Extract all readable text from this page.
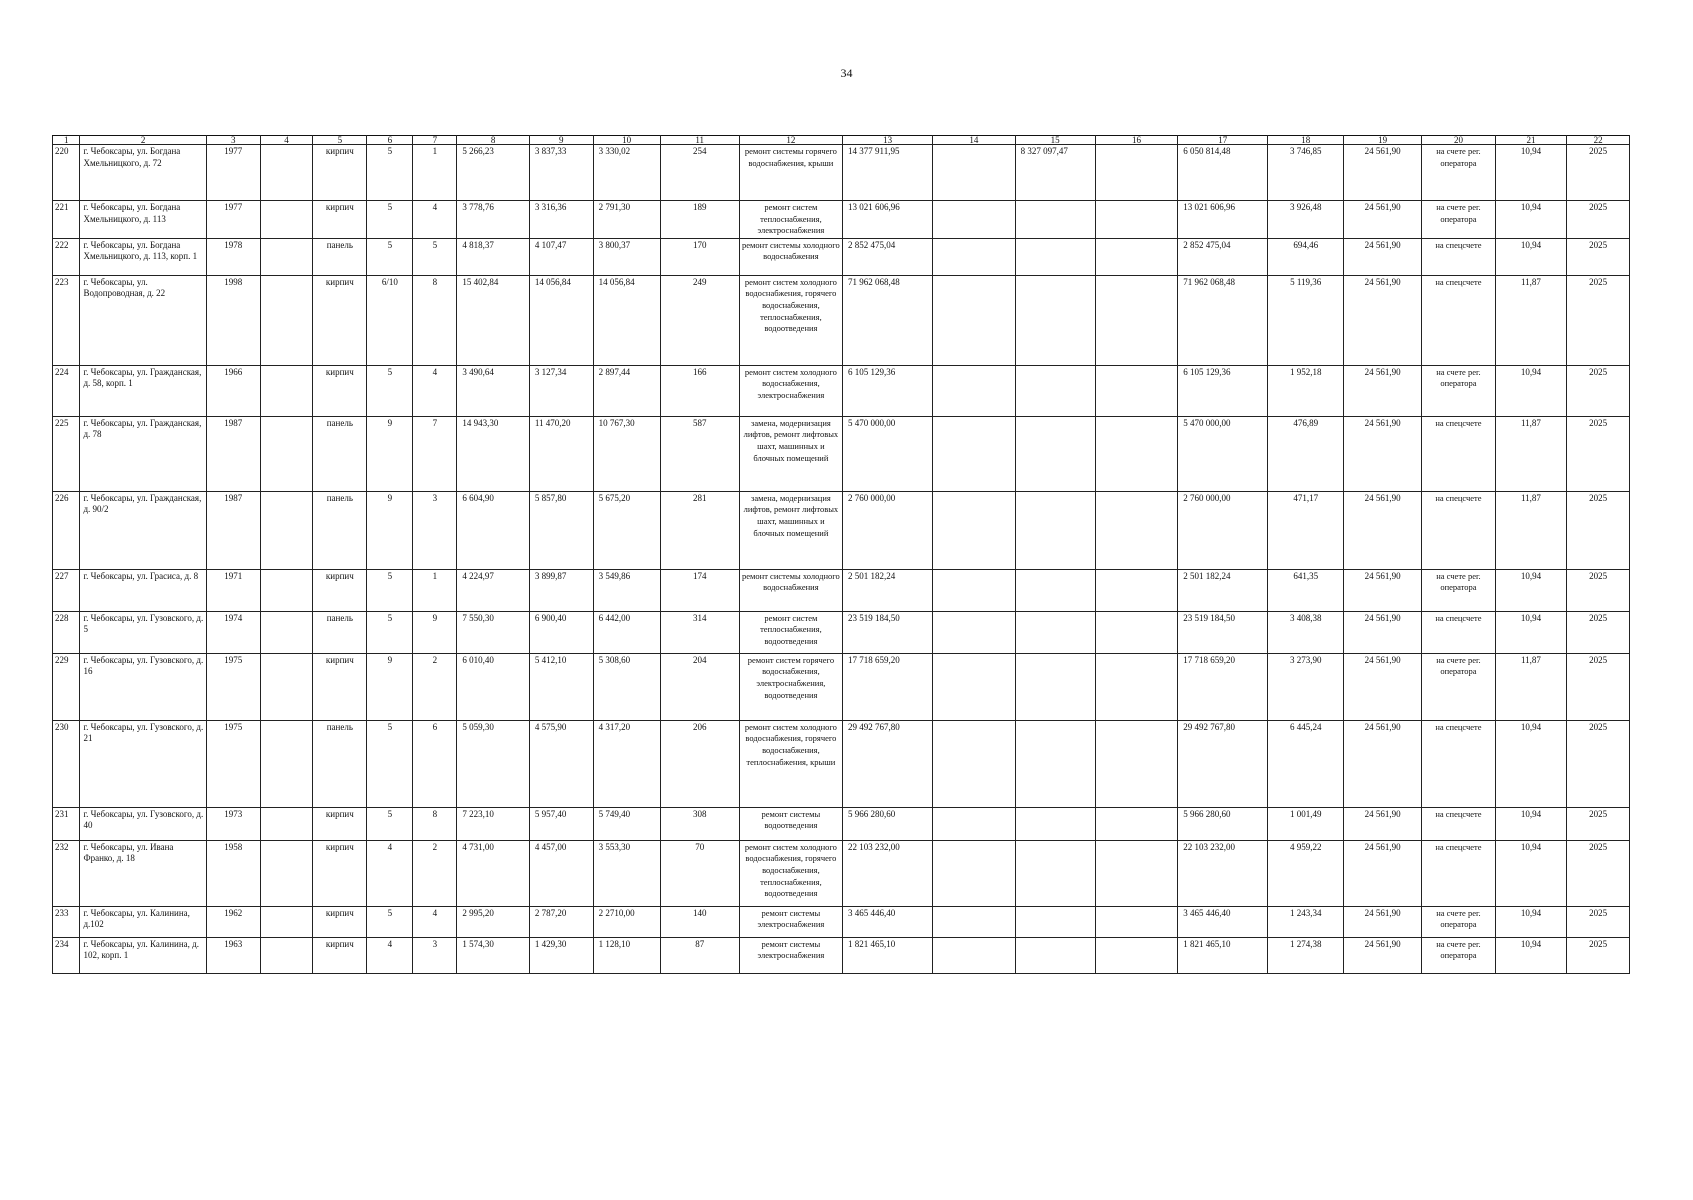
34
1	2	3	4	5	6	7	8	9	10	11	12	13	14	15	16	17	18	19	20	21	22
220	г. Чебоксары, ул. Богдана Хмельницкого, д. 72	1977		кирпич	5	1	5 266,23	3 837,33	3 330,02	254	ремонт системы горячего водоснабжения, крыши	14 377 911,95		8 327 097,47		6 050 814,48	3 746,85	24 561,90	на счете рег. оператора	10,94	2025
221	г. Чебоксары, ул. Богдана Хмельницкого, д. 113	1977		кирпич	5	4	3 778,76	3 316,36	2 791,30	189	ремонт систем теплоснабжения, электроснабжения	13 021 606,96				13 021 606,96	3 926,48	24 561,90	на счете рег. оператора	10,94	2025
222	г. Чебоксары, ул. Богдана Хмельницкого, д. 113, корп. 1	1978		панель	5	5	4 818,37	4 107,47	3 800,37	170	ремонт системы холодного водоснабжения	2 852 475,04				2 852 475,04	694,46	24 561,90	на спецсчете	10,94	2025
223	г. Чебоксары, ул. Водопроводная, д. 22	1998		кирпич	6/10	8	15 402,84	14 056,84	14 056,84	249	ремонт систем холодного водоснабжения, горячего водоснабжения, теплоснабжения, водоотведения	71 962 068,48				71 962 068,48	5 119,36	24 561,90	на спецсчете	11,87	2025
224	г. Чебоксары, ул. Гражданская, д. 58, корп. 1	1966		кирпич	5	4	3 490,64	3 127,34	2 897,44	166	ремонт систем холодного водоснабжения, электроснабжения	6 105 129,36				6 105 129,36	1 952,18	24 561,90	на счете рег. оператора	10,94	2025
225	г. Чебоксары, ул. Гражданская, д. 78	1987		панель	9	7	14 943,30	11 470,20	10 767,30	587	замена, модернизация лифтов, ремонт лифтовых шахт, машинных и блочных помещений	5 470 000,00				5 470 000,00	476,89	24 561,90	на спецсчете	11,87	2025
226	г. Чебоксары, ул. Гражданская, д. 90/2	1987		панель	9	3	6 604,90	5 857,80	5 675,20	281	замена, модернизация лифтов, ремонт лифтовых шахт, машинных и блочных помещений	2 760 000,00				2 760 000,00	471,17	24 561,90	на спецсчете	11,87	2025
227	г. Чебоксары, ул. Грасиса, д. 8	1971		кирпич	5	1	4 224,97	3 899,87	3 549,86	174	ремонт системы холодного водоснабжения	2 501 182,24				2 501 182,24	641,35	24 561,90	на счете рег. оператора	10,94	2025
228	г. Чебоксары, ул. Гузовского, д. 5	1974		панель	5	9	7 550,30	6 900,40	6 442,00	314	ремонт систем теплоснабжения, водоотведения	23 519 184,50				23 519 184,50	3 408,38	24 561,90	на спецсчете	10,94	2025
229	г. Чебоксары, ул. Гузовского, д. 16	1975		кирпич	9	2	6 010,40	5 412,10	5 308,60	204	ремонт систем горячего водоснабжения, электроснабжения, водоотведения	17 718 659,20				17 718 659,20	3 273,90	24 561,90	на счете рег. оператора	11,87	2025
230	г. Чебоксары, ул. Гузовского, д. 21	1975		панель	5	6	5 059,30	4 575,90	4 317,20	206	ремонт систем холодного водоснабжения, горячего водоснабжения, теплоснабжения, крыши	29 492 767,80				29 492 767,80	6 445,24	24 561,90	на спецсчете	10,94	2025
231	г. Чебоксары, ул. Гузовского, д. 40	1973		кирпич	5	8	7 223,10	5 957,40	5 749,40	308	ремонт системы водоотведения	5 966 280,60				5 966 280,60	1 001,49	24 561,90	на спецсчете	10,94	2025
232	г. Чебоксары, ул. Ивана Франко, д. 18	1958		кирпич	4	2	4 731,00	4 457,00	3 553,30	70	ремонт систем холодного водоснабжения, горячего водоснабжения, теплоснабжения, водоотведения	22 103 232,00				22 103 232,00	4 959,22	24 561,90	на спецсчете	10,94	2025
233	г. Чебоксары, ул. Калинина, д.102	1962		кирпич	5	4	2 995,20	2 787,20	2 2710,00	140	ремонт системы электроснабжения	3 465 446,40				3 465 446,40	1 243,34	24 561,90	на счете рег. оператора	10,94	2025
234	г. Чебоксары, ул. Калинина, д. 102, корп. 1	1963		кирпич	4	3	1 574,30	1 429,30	1 128,10	87	ремонт системы электроснабжения	1 821 465,10				1 821 465,10	1 274,38	24 561,90	на счете рег. оператора	10,94	2025
